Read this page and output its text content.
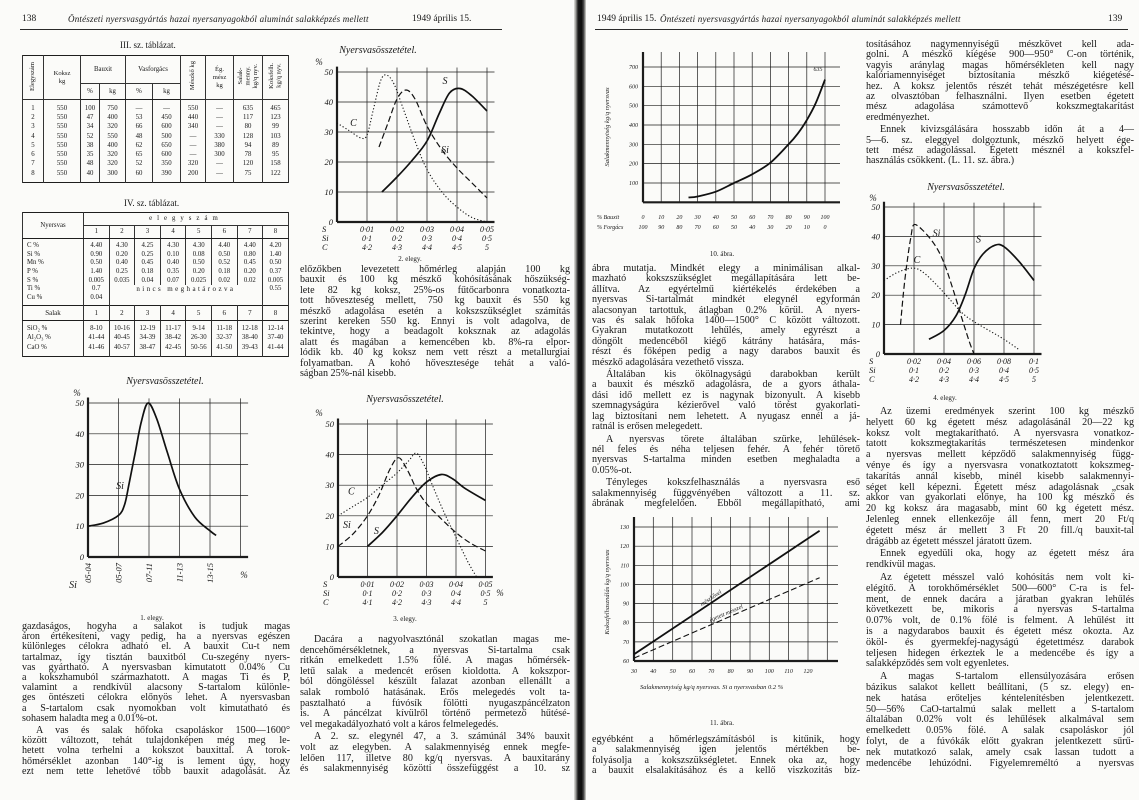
138	Öntészeti nyersvasgyártás hazai nyersanyagokból aluminát salakképzés mellett	1949 április 15.	1949 április 15. Öntészeti nyersvasgyártás hazai nyersanyagokból aluminát salakképzés mellett	139
III. sz. táblázat.
Elegyszám	Koksz
kg	Bauxit		Vasforgács		Mészkő kg	Ég.
mész
kg	Salak-
menny.
kg/q nyv.	Koksfelh.
kg/q nyv.
		%	kg	%	kg				
1	550	100	750	—	—	550	—	635	465
2	550	47	400	53	450	440	—	117	123
3	550	34	320	66	600	340	—	80	99
4	550	52	550	48	500	—	330	128	103
5	550	38	400	62	650	—	380	94	89
6	550	35	320	65	600	—	300	78	95
7	550	48	320	52	350	320	—	120	158
8	550	40	300	60	390	200	—	75	122
IV. sz. táblázat.
Nyersvas	elegyszám							
	1	2	3	4	5	6	7	8
C %	4.40	4.30	4.25	4.30	4.30	4.40	4.40	4.20
Si %	0.90	0.20	0.25	0.10	0.08	0.50	0.80	1.40
Mn %	0.50	0.40	0.45	0.40	0.50	0.52	0.45	0.50
P %	1.40	0.25	0.18	0.35	0.20	0.18	0.20	0.37
S %	0.005	0.035	0.04	0.07	0.025	0.02	0.02	0.005
Ti %	0.7	nincs meghatározva						0.55
Cu %	0.04							
Salak	1	2	3	4	5	6	7	8
SiO₂ %	8-10	10-16	12-19	11-17	9-14	11-18	12-18	12-14
Al₂O₃ %	41-44	40-45	34-39	38-42	26-30	32-37	38-40	37-40
CaO %	41-46	40-57	38-47	42-45	50-56	41-50	39-43	41-44
gazdaságos, hogyha a salakot is tudjuk magas
áron értékesíteni, vagy pedig, ha a nyersvas egészen
különleges célokra adható el. A bauxit Cu-t nem
tartalmaz, így tisztán bauxitból Cu-szegény nyers-
vas gyártható. A nyersvasban kimutatott 0.04% Cu
a kokszhamuból származhatott. A magas Ti és P,
valamint a rendkívül alacsony S-tartalom különle-
ges öntészeti célokra előnyös lehet. A nyersvasban
a S-tartalom csak nyomokban volt kimutatható és
sohasem haladta meg a 0.01%-ot.
A vas és salak hőfoka csapoláskor 1500—1600°
között változott, tehát tulajdonképen még meg le-
hetett volna terhelni a kokszot bauxittal. A torok-
hőmérséklet azonban 140°-ig is lement úgy, hogy
ezt nem tette lehetővé több bauxit adagolását. Az
előzőkben levezetett hőmérleg alapján 100 kg
bauxit és 100 kg mészkő kohósításának hőszükség-
lete 82 kg koksz, 25%-os fűtőcarbonra vonatkozta-
tott hőveszteség mellett, 750 kg bauxit és 550 kg
mészkő adagolása esetén a kokszszükséglet számítás
szerint kereken 550 kg. Ennyi is volt adagolva, de
tekintve, hogy a beadagolt koksznak az adagolás
alatt és magában a kemencében kb. 8%-ra elpor-
lódik kb. 40 kg koksz nem vett részt a metallurgiai
folyamatban. A kohó hővesztesége tehát a való-
ságban 25%-nál kisebb.
Dacára a nagyolvasztónál szokatlan magas me-
dencehőmérsékletnek, a nyersvas Si-tartalma csak
ritkán emelkedett 1.5% fölé. A magas hőmérsék-
letű salak a medencét erősen kioldotta. A kokszpor-
ból döngöléssel készült falazat azonban ellenállt a
salak romboló hatásának. Erős melegedés volt ta-
pasztalható a fúvósík fölötti nyugaszpáncélzaton
is. A páncélzat kívülről történő permetező hűtésé-
vel megakadályozható volt a káros felmelegedés.
A 2. sz. elegynél 47, a 3. számúnál 34% bauxit
volt az elegyben. A salakmennyiség ennek megfe-
lelően 117, illetve 80 kg/q nyersvas. A bauxitarány
és salakmennyiség közötti összefüggést a 10. sz
ábra mutatja. Mindkét elegy a minimálisan alkal-
mazható kokszszükséglet megállapítására lett be-
állítva. Az egyértelmű kiértékelés érdekében a
nyersvas Si-tartalmát mindkét elegynél egyformán
alacsonyan tartottuk, átlagban 0.2% körül. A nyers-
vas és salak hőfoka 1400—1500° C között változott.
Gyakran mutatkozott lehűlés, amely egyrészt a
döngölt medencéből kiégő kátrány hatására, más-
részt és főképen pedig a nagy darabos bauxit és
mészkő adagolására vezethető vissza.
Általában kis ökölnagyságú darabokban került
a bauxit és mészkő adagolásra, de a gyors áthala-
dási idő mellett ez is nagynak bizonyult. A kisebb
szemnagyságúra kézierővel való törést gyakorlati-
lag biztosítani nem lehetett. A nyugasz ennél a já-
ratnál is erősen melegedett.
A nyersvas törete általában szürke, lehűlések-
nél feles és néha teljesen fehér. A fehér törető
nyersvas S-tartalma minden esetben meghaladta a
0.05%-ot.
Tényleges kokszfelhasználás a nyersvasra eső
salakmennyiség függvényében változott a 11. sz.
ábrának megfelelően. Ebből megállapítható, ami
egyébként a hőmérlegszámításból is kitűnik, hogy
a salakmennyiség igen jelentős mértékben be-
folyásolja a kokszszükségletet. Ennek oka az, hogy
a bauxit elsalakításához és a kellő viszkozitás biz-
tosításához nagymennyiségű mészkövet kell ada-
golni. A mészkő kiégése 900—950° C-on történik,
vagyis aránylag magas hőmérsékleten kell nagy
kalóriamennyiséget biztosítania mészkő kiégetésé-
hez. A koksz jelentős részét tehát mészégetésre kell
az olvasztóban felhasználni. Ilyen esetben égetett
mész adagolása számottevő kokszmegtakarítást
eredményezhet.
Ennek kivizsgálására hosszabb időn át a 4—
5—6. sz. eleggyel dolgoztunk, mészkő helyett ége-
tett mész adagolással. Égetett mésznél a kokszfel-
használás csökkent. (L. 11. sz. ábra.)
Az üzemi eredmények szerint 100 kg mészkő
helyett 60 kg égetett mész adagolásánál 20—22 kg
koksz volt megtakarítható. A nyersvasra vonatkoz-
tatott kokszmegtakarítás természetesen mindenkor
a nyersvas mellett képződő salakmennyiség függ-
vénye és így a nyersvasra vonatkoztatott kokszmeg-
takarítás annál kisebb, minél kisebb salakmennyi-
séget kell képezni. Égetett mész adagolásnak „csak
akkor van gyakorlati előnye, ha 100 kg mészkő és
20 kg koksz ára magasabb, mint 60 kg égetett mész.
Jelenleg ennek ellenkezője áll fenn, mert 20 Ft/q
égetett mész ár mellett 3 Ft 20 fill./q bauxit-tal
drágább az égetett mésszel járatott üzem.
Ennek egyedüli oka, hogy az égetett mész ára
rendkívül magas.
Az égetett mésszel való kohósítás nem volt ki-
elégítő. A torokhőmérséklet 500—600° C-ra is fel-
ment, de ennek dacára a járatban gyakran lehűlés
következett be, mikoris a nyersvas S-tartalma
0.07% volt, de 0.1% fölé is felment. A lehűlést itt
is a nagydarabos bauxit és égetett mész okozta. Az
ököl- és gyermekfej-nagyságú égetettmész darabok
teljesen hidegen érkeztek le a medencébe és így a
salakképződés sem volt egyenletes.
A magas S-tartalom ellensúlyozására erősen
bázikus salakot kellett beállítani, (5 sz. elegy) en-
nek hatása erőteljes kéntelenítésben jelentkezett.
50—56% CaO-tartalmú salak mellett a S-tartalom
általában 0.02% volt és lehűlések alkalmával sem
emelkedett 0.05% fölé. A salak csapoláskor jól
folyt, de a fúvókák előtt gyakran jelentkezett sűrű-
nek mutatkozó salak, amely csak lassan tudott a
medencébe lehúzódni. Figyelemreméltó a nyersvas
0
10
20
30
40
50
Nyersvasösszetétel.
%
1. elegy.
05-04 05-07 07-11 11-13 13-15
Si
%
Si
0
10
20
30
40
50
Nyersvasösszetétel.
%
2. elegy.
S	0·01 0·02 0·03 0·04 0·05
Si	0·1	0·2	0·3	0·4	0·5
C	4·2	4·3	4·4	4·5	5
C
Si
S
0
10
20
30
40
50
Nyersvasösszetétel.
%
3. elegy.
S	0·01 0·02 0·03 0·04 0·05
Si	0·1 0·2 0·3 0·4 0·5
C	4·1 4·2 4·3 4·4	5
%
C
Si
S
100
200
300
400
500
600
700
Salakmennyiség kg/q nyersvas
10. ábra.
% Bauxit	0 10 20 30 40 50 60 70 80 90 100
% Forgács	100 90 80 70 60 50 40 30 20 10 0
635
0
10
20
30
40
50
Nyersvasösszetétel.
%
4. elegy.
S	0·02 0·04 0·06 0·08 0·1
Si	0·1	0·2	0·3	0·4	0·5
C	4·2	4·3	4·4	4·5	5
Si
C
S
60
70
80
90
100
110
120
130
Kokszfelhasználás kg/q nyersvas
11. ábra.
30 40 50 60 70 80 90 100 110 120
Salakmennyiség kg/q nyersvas. Si a nyersvasban 0.2 %
mészkővel
égetett mésszel
